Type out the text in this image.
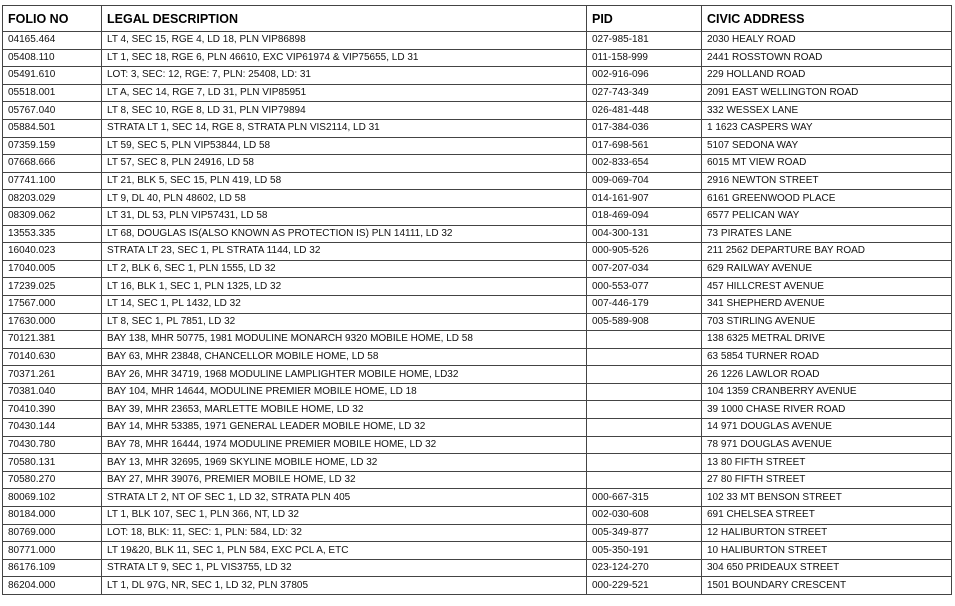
FOLIO NO	LEGAL DESCRIPTION	PID	CIVIC ADDRESS
04165.464	LT 4, SEC 15, RGE 4, LD 18, PLN VIP86898	027-985-181	2030 HEALY ROAD
05408.110	LT 1, SEC 18, RGE 6, PLN 46610, EXC VIP61974 & VIP75655, LD 31	011-158-999	2441 ROSSTOWN ROAD
05491.610	LOT: 3, SEC: 12, RGE: 7, PLN: 25408, LD: 31	002-916-096	229 HOLLAND ROAD
05518.001	LT A, SEC 14, RGE 7, LD 31, PLN VIP85951	027-743-349	2091 EAST WELLINGTON ROAD
05767.040	LT 8, SEC 10, RGE 8, LD 31, PLN VIP79894	026-481-448	332 WESSEX LANE
05884.501	STRATA LT 1, SEC 14, RGE 8, STRATA PLN VIS2114, LD 31	017-384-036	1 1623 CASPERS WAY
07359.159	LT 59, SEC 5, PLN VIP53844, LD 58	017-698-561	5107 SEDONA WAY
07668.666	LT 57, SEC 8, PLN 24916, LD 58	002-833-654	6015 MT VIEW ROAD
07741.100	LT 21, BLK 5, SEC 15, PLN 419, LD 58	009-069-704	2916 NEWTON STREET
08203.029	LT 9, DL 40, PLN 48602, LD 58	014-161-907	6161 GREENWOOD PLACE
08309.062	LT 31, DL 53, PLN VIP57431, LD 58	018-469-094	6577 PELICAN WAY
13553.335	LT 68, DOUGLAS IS(ALSO KNOWN AS PROTECTION IS) PLN 14111, LD 32	004-300-131	73 PIRATES LANE
16040.023	STRATA LT 23, SEC 1, PL STRATA 1144, LD 32	000-905-526	211 2562 DEPARTURE BAY ROAD
17040.005	LT 2, BLK 6, SEC 1, PLN 1555, LD 32	007-207-034	629 RAILWAY AVENUE
17239.025	LT 16, BLK 1, SEC 1, PLN 1325, LD 32	000-553-077	457 HILLCREST AVENUE
17567.000	LT 14, SEC 1, PL 1432, LD 32	007-446-179	341 SHEPHERD AVENUE
17630.000	LT 8, SEC 1, PL 7851, LD 32	005-589-908	703 STIRLING AVENUE
70121.381	BAY 138, MHR 50775, 1981 MODULINE MONARCH 9320 MOBILE HOME, LD 58		138 6325 METRAL DRIVE
70140.630	BAY 63, MHR 23848, CHANCELLOR MOBILE HOME, LD 58		63 5854 TURNER ROAD
70371.261	BAY 26, MHR 34719, 1968 MODULINE LAMPLIGHTER MOBILE HOME, LD32		26 1226 LAWLOR ROAD
70381.040	BAY 104, MHR 14644, MODULINE PREMIER MOBILE HOME, LD 18		104 1359 CRANBERRY AVENUE
70410.390	BAY 39, MHR 23653, MARLETTE MOBILE HOME, LD 32		39 1000 CHASE RIVER ROAD
70430.144	BAY 14, MHR 53385, 1971 GENERAL LEADER MOBILE HOME, LD 32		14 971 DOUGLAS AVENUE
70430.780	BAY 78, MHR 16444, 1974 MODULINE PREMIER MOBILE HOME, LD 32		78 971 DOUGLAS AVENUE
70580.131	BAY 13, MHR 32695, 1969 SKYLINE MOBILE HOME, LD 32		13 80 FIFTH STREET
70580.270	BAY 27, MHR 39076, PREMIER MOBILE HOME, LD 32		27 80 FIFTH STREET
80069.102	STRATA LT 2, NT OF SEC 1, LD 32, STRATA PLN 405	000-667-315	102 33 MT BENSON STREET
80184.000	LT 1, BLK 107, SEC 1, PLN 366, NT, LD 32	002-030-608	691 CHELSEA STREET
80769.000	LOT: 18, BLK: 11, SEC: 1, PLN: 584, LD: 32	005-349-877	12 HALIBURTON STREET
80771.000	LT 19&20, BLK 11, SEC 1, PLN 584, EXC PCL A, ETC	005-350-191	10 HALIBURTON STREET
86176.109	STRATA LT 9, SEC 1, PL VIS3755, LD 32	023-124-270	304 650 PRIDEAUX STREET
86204.000	LT 1, DL 97G, NR, SEC 1, LD 32, PLN 37805	000-229-521	1501 BOUNDARY CRESCENT
